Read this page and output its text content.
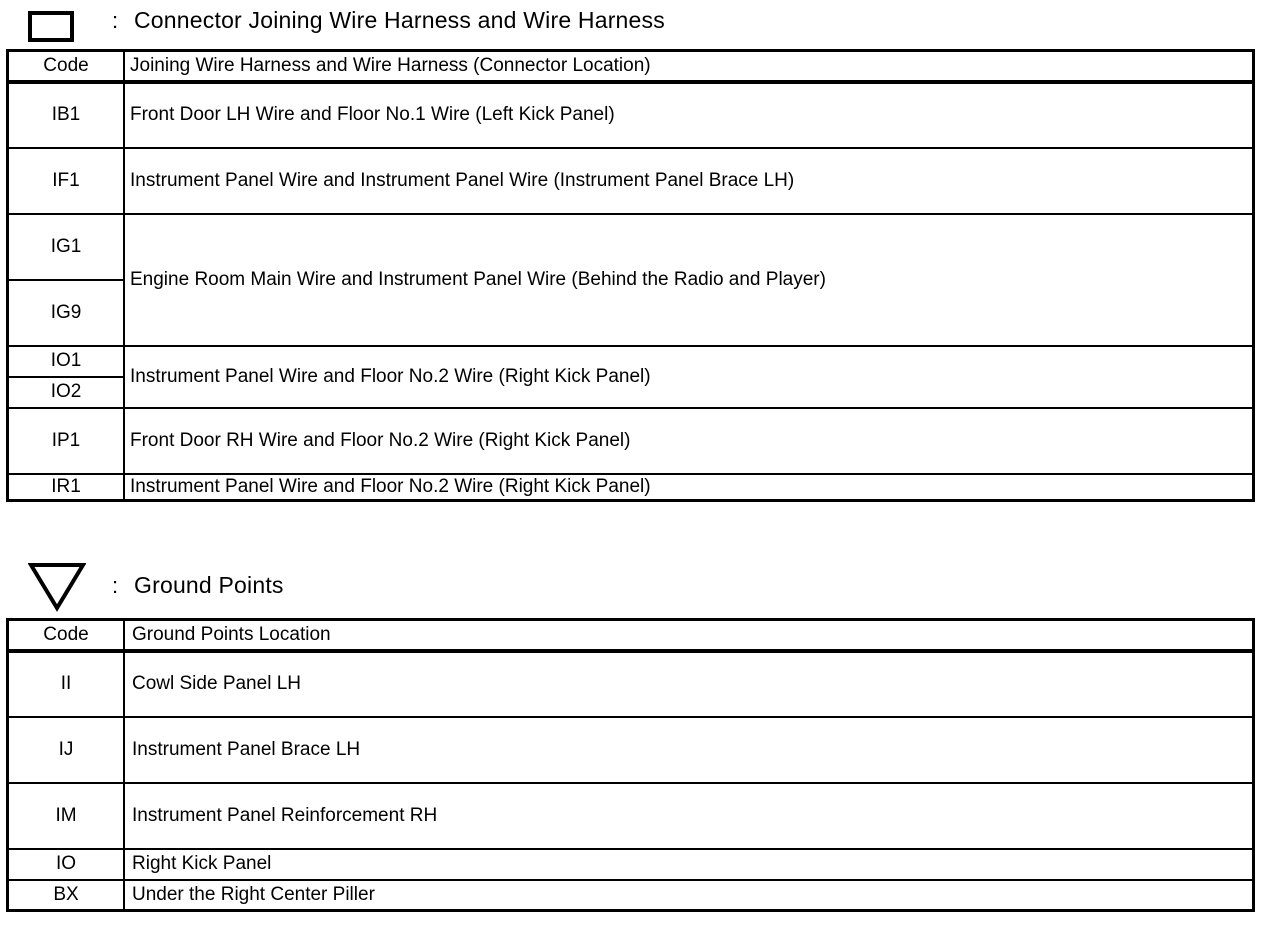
: Connector Joining Wire Harness and Wire Harness
Code	Joining Wire Harness and Wire Harness (Connector Location)
IB1	Front Door LH Wire and Floor No.1 Wire (Left Kick Panel)
IF1	Instrument Panel Wire and Instrument Panel Wire (Instrument Panel Brace LH)
IG1	Engine Room Main Wire and Instrument Panel Wire (Behind the Radio and Player)
IG9	
IO1	Instrument Panel Wire and Floor No.2 Wire (Right Kick Panel)
IO2	
IP1	Front Door RH Wire and Floor No.2 Wire (Right Kick Panel)
IR1	Instrument Panel Wire and Floor No.2 Wire (Right Kick Panel)
: Ground Points
Code	Ground Points Location
II	Cowl Side Panel LH
IJ	Instrument Panel Brace LH
IM	Instrument Panel Reinforcement RH
IO	Right Kick Panel
BX	Under the Right Center Piller
